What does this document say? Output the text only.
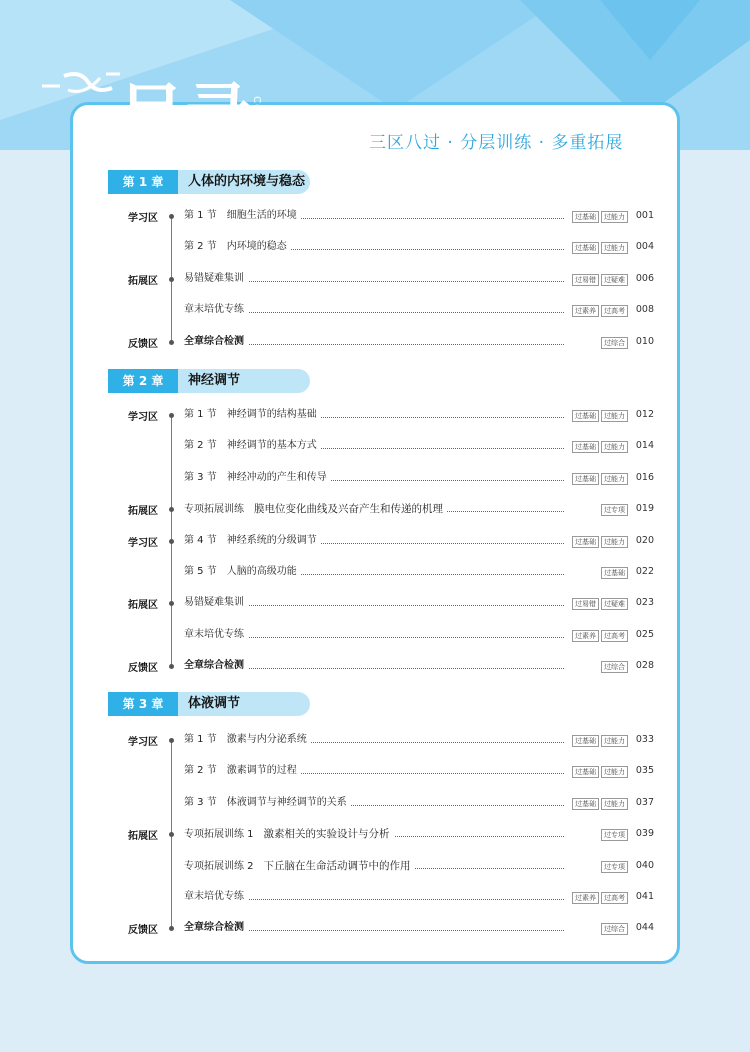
目录
CONTENTS	三区八过 · 分层训练 · 多重拓展
第 1 章	人体的内环境与稳态
学习区
拓展区
反馈区
第 1 节　细胞生活的环境	过基础 过能力	001
第 2 节　内环境的稳态	过基础 过能力	004
易错疑难集训	过易错 过疑难	006
章末培优专练	过素养 过高考	008
全章综合检测	过综合	010
第 2 章	神经调节
学习区
拓展区
学习区
拓展区
反馈区
第 1 节　神经调节的结构基础	过基础 过能力	012
第 2 节　神经调节的基本方式	过基础 过能力	014
第 3 节　神经冲动的产生和传导	过基础 过能力	016
专项拓展训练 膜电位变化曲线及兴奋产生和传递的机理	过专项	019
第 4 节　神经系统的分级调节	过基础 过能力	020
第 5 节　人脑的高级功能	过基础	022
易错疑难集训	过易错 过疑难	023
章末培优专练	过素养 过高考	025
全章综合检测	过综合	028
第 3 章	体液调节
学习区
拓展区
反馈区
第 1 节　激素与内分泌系统	过基础 过能力	033
第 2 节　激素调节的过程	过基础 过能力	035
第 3 节　体液调节与神经调节的关系	过基础 过能力	037
专项拓展训练 1 激素相关的实验设计与分析	过专项	039
专项拓展训练 2 下丘脑在生命活动调节中的作用	过专项	040
章末培优专练	过素养 过高考	041
全章综合检测	过综合	044
